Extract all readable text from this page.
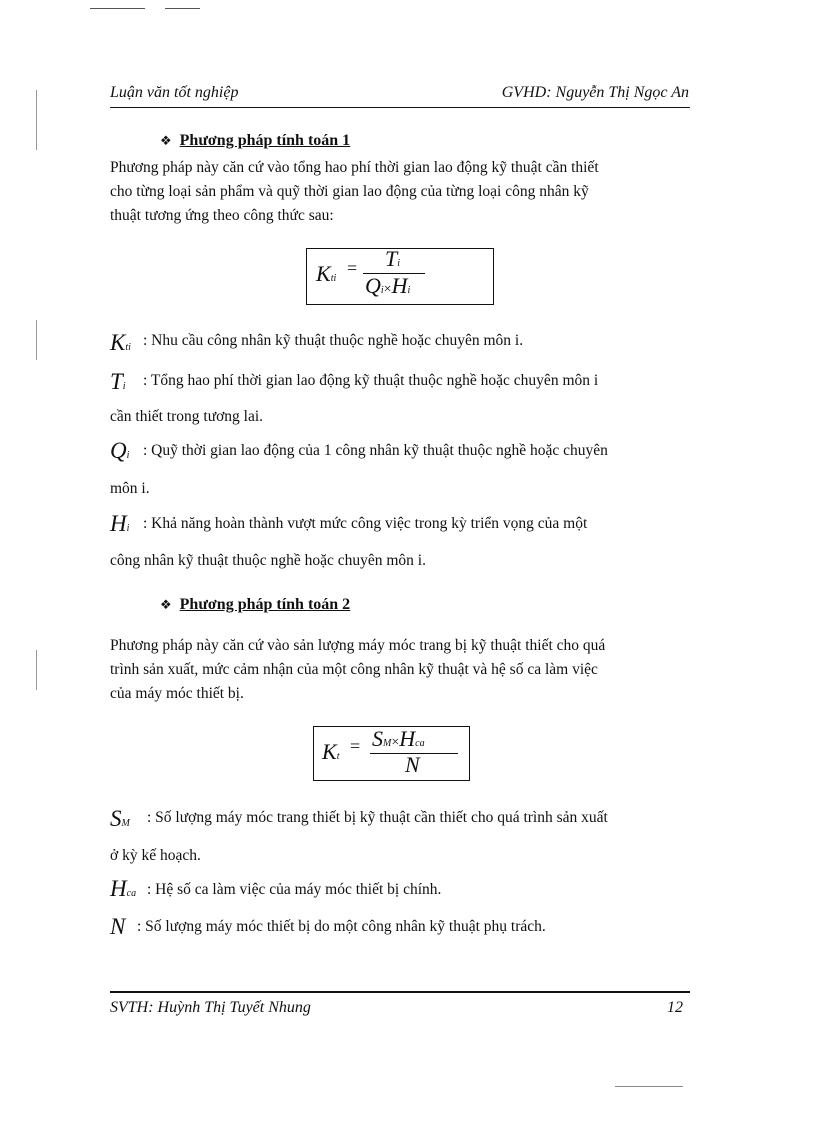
Luận văn tốt nghiệp	GVHD: Nguyễn Thị Ngọc An
❖ Phương pháp tính toán 1
Phương pháp này căn cứ vào tổng hao phí thời gian lao động kỹ thuật cần thiết
cho từng loại sản phẩm và quỹ thời gian lao động của từng loại công nhân kỹ
thuật tương ứng theo công thức sau:
Kti
= Ti
Qi×Hi
Kti : Nhu cầu công nhân kỹ thuật thuộc nghề hoặc chuyên môn i.
Ti : Tổng hao phí thời gian lao động kỹ thuật thuộc nghề hoặc chuyên môn i
cần thiết trong tương lai.
Qi : Quỹ thời gian lao động của 1 công nhân kỹ thuật thuộc nghề hoặc chuyên
môn i.
Hi : Khả năng hoàn thành vượt mức công việc trong kỳ triển vọng của một
công nhân kỹ thuật thuộc nghề hoặc chuyên môn i.
❖ Phương pháp tính toán 2
Phương pháp này căn cứ vào sản lượng máy móc trang bị kỹ thuật thiết cho quá
trình sản xuất, mức cảm nhận của một công nhân kỹ thuật và hệ số ca làm việc
của máy móc thiết bị.
Kt
= SM×Hca
N
SM : Số lượng máy móc trang thiết bị kỹ thuật cần thiết cho quá trình sản xuất
ở kỳ kế hoạch.
Hca : Hệ số ca làm việc của máy móc thiết bị chính.
N : Số lượng máy móc thiết bị do một công nhân kỹ thuật phụ trách.
SVTH: Huỳnh Thị Tuyết Nhung	12
